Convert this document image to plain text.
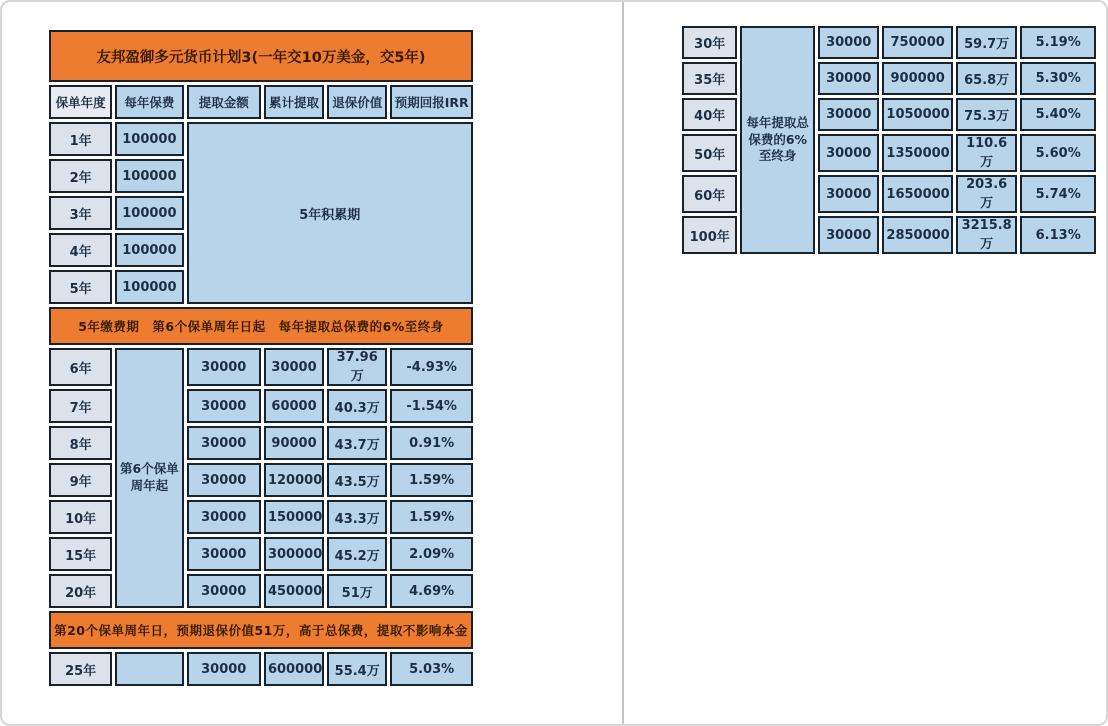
友邦盈御多元货币计划3(一年交10万美金，交5年)					
保单年度	每年保费	提取金额	累计提取	退保价值	预期回报IRR
1年	100000	5年积累期			
2年	100000				
3年	100000				
4年	100000				
5年	100000				
5年缴费期　第6个保单周年日起　每年提取总保费的6%至终身					
6年	第6个保单周年起	30000	30000	37.96万	-4.93%
7年		30000	60000	40.3万	-1.54%
8年		30000	90000	43.7万	0.91%
9年		30000	120000	43.5万	1.59%
10年		30000	150000	43.3万	1.59%
15年		30000	300000	45.2万	2.09%
20年		30000	450000	51万	4.69%
第20个保单周年日，预期退保价值51万，高于总保费，提取不影响本金					
25年		30000	600000	55.4万	5.03%
30年	每年提取总保费的6%至终身	30000	750000	59.7万	5.19%
35年		30000	900000	65.8万	5.30%
40年		30000	1050000	75.3万	5.40%
50年		30000	1350000	110.6万	5.60%
60年		30000	1650000	203.6万	5.74%
100年		30000	2850000	3215.8万	6.13%
